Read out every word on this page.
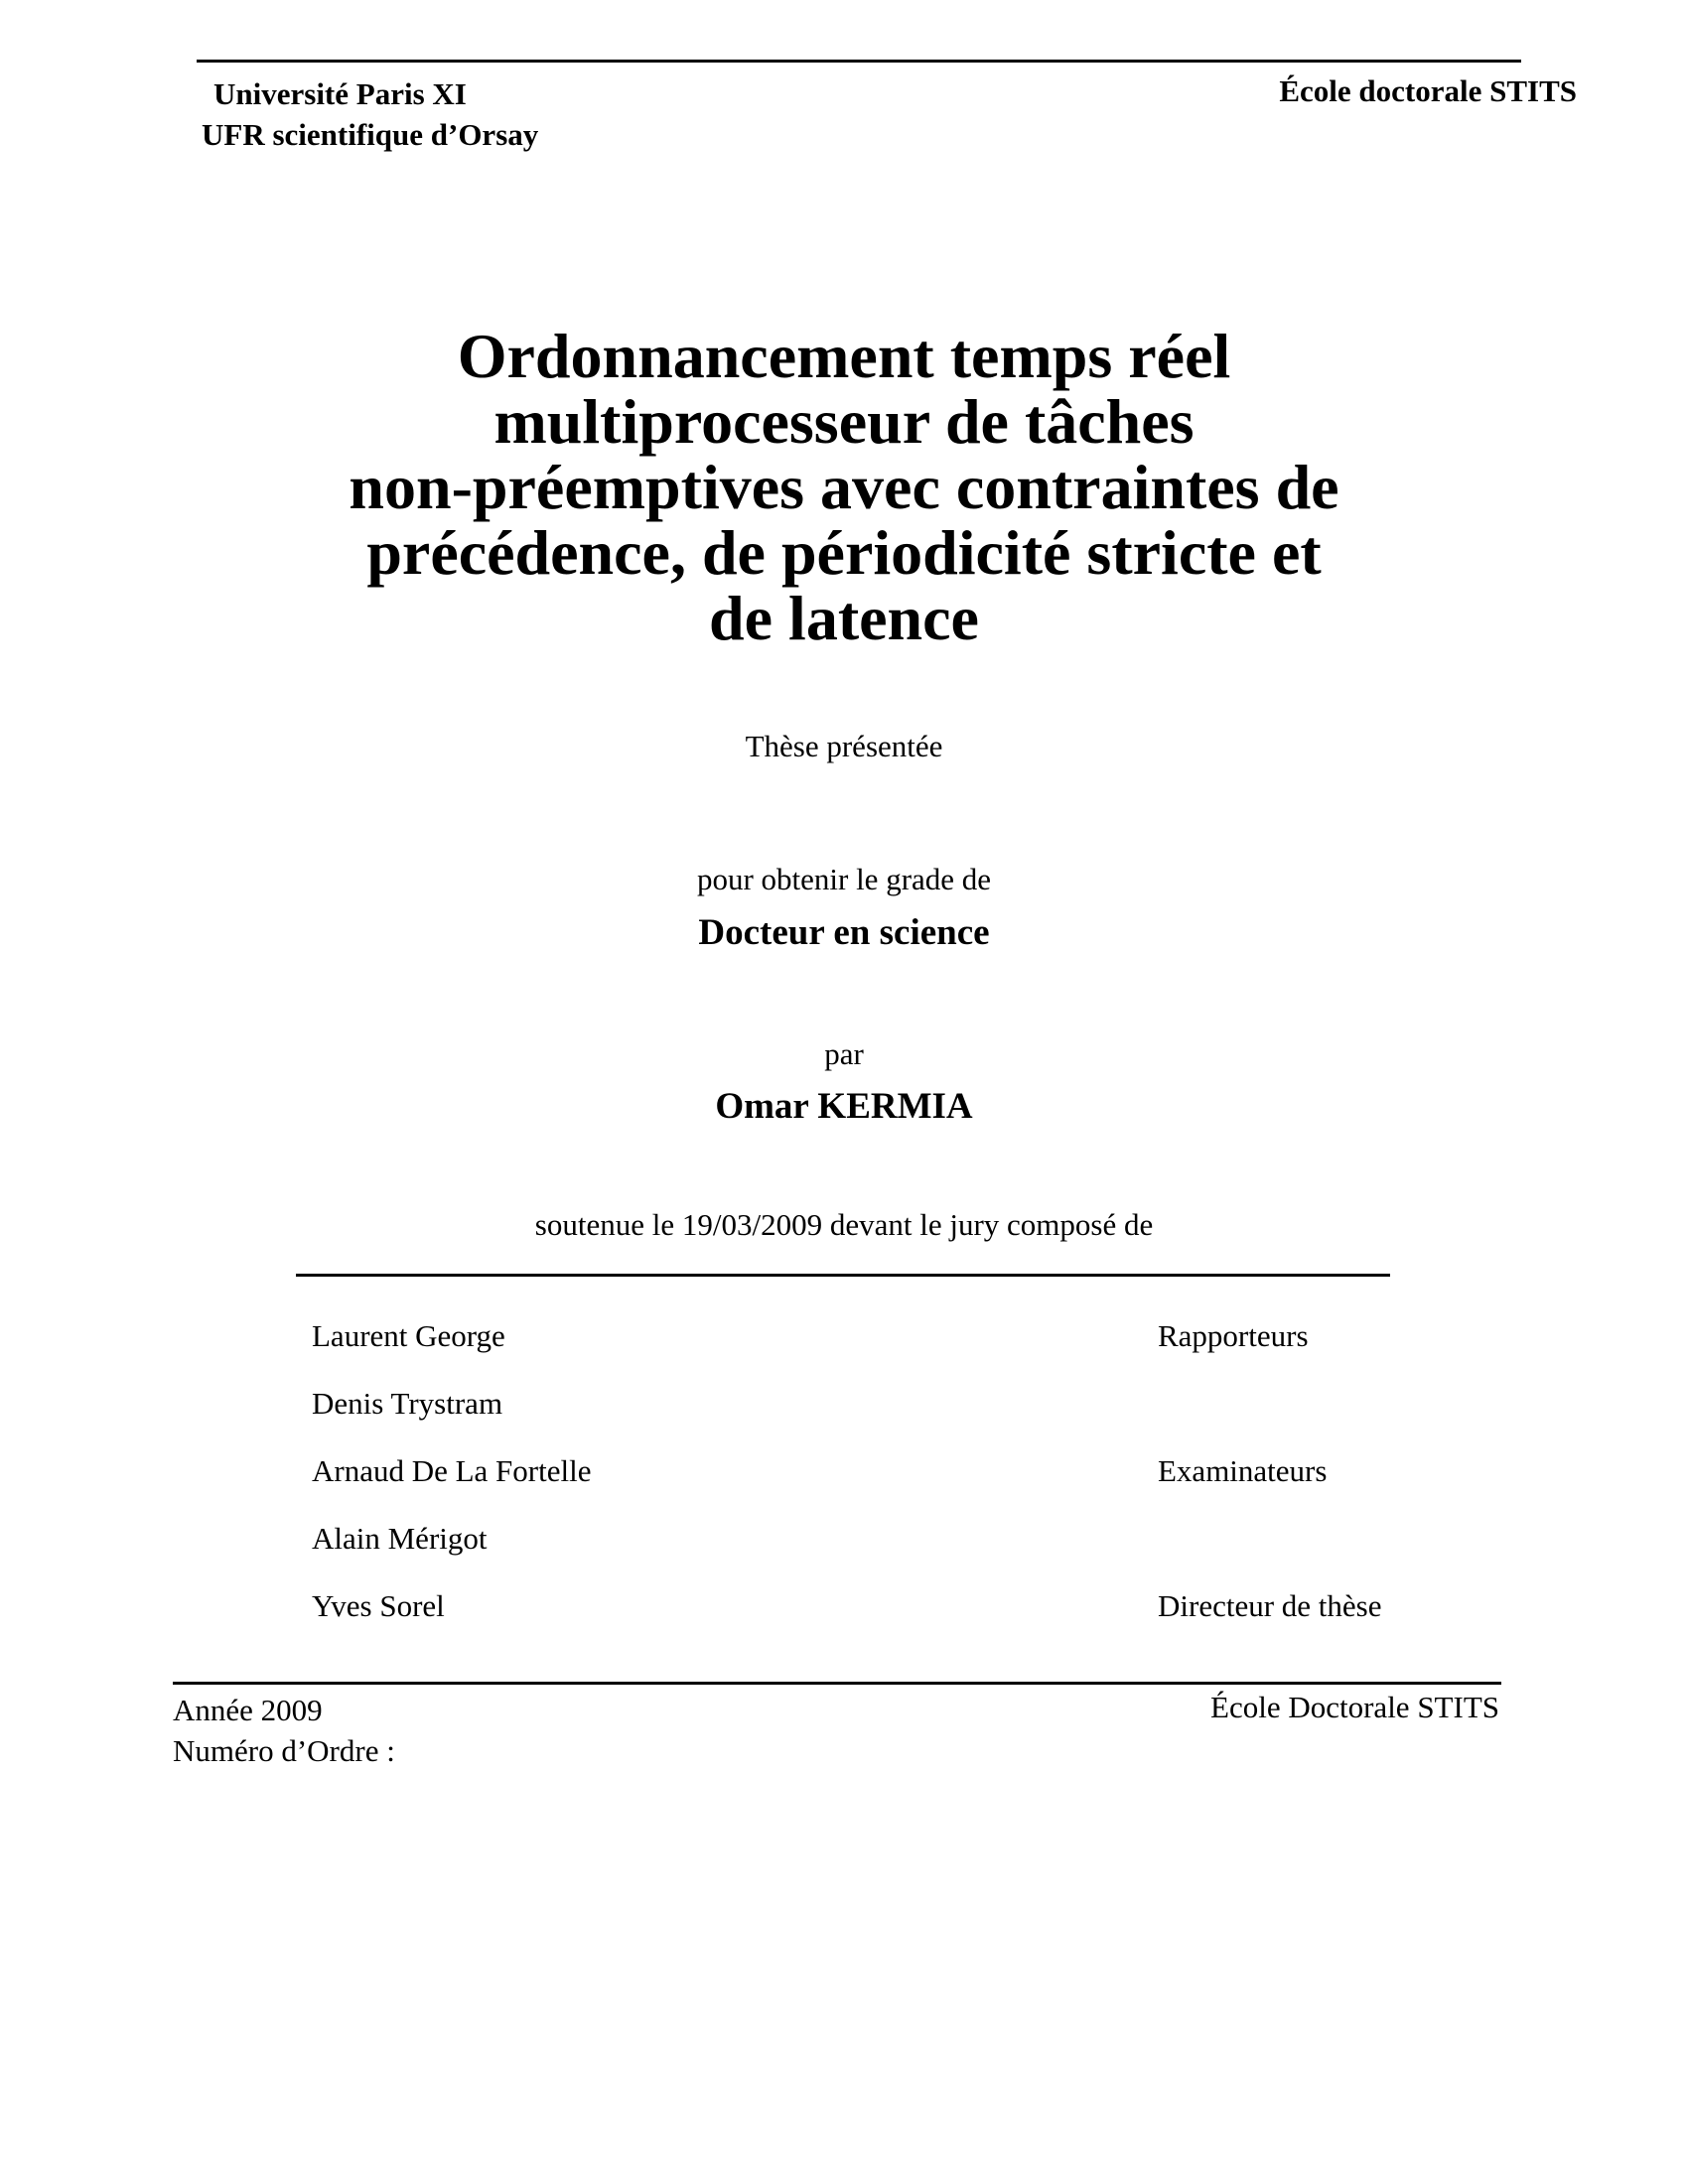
Université Paris XI
UFR scientifique d’Orsay
École doctorale STITS
Ordonnancement temps réel
multiprocesseur de tâches
non-préemptives avec contraintes de
précédence, de périodicité stricte et
de latence
Thèse présentée
pour obtenir le grade de
Docteur en science
par
Omar KERMIA
soutenue le 19/03/2009 devant le jury composé de
Laurent George	Rapporteurs
Denis Trystram
Arnaud De La Fortelle	Examinateurs
Alain Mérigot
Yves Sorel	Directeur de thèse
Année 2009
Numéro d’Ordre :
École Doctorale STITS
